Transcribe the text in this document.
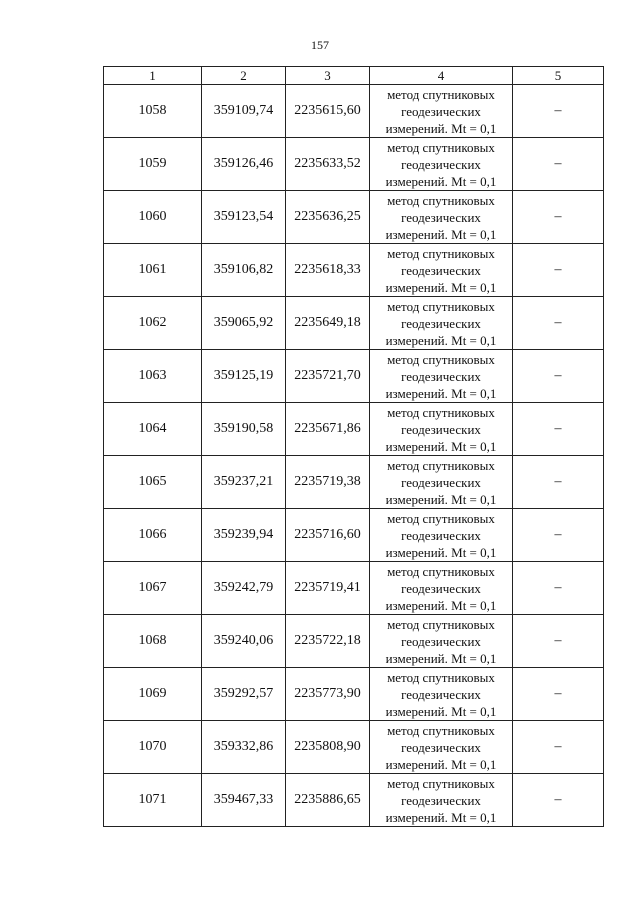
157
1	2	3	4	5
1058	359109,74	2235615,60	метод спутниковых
геодезических
измерений. Mt = 0,1	–
1059	359126,46	2235633,52	метод спутниковых
геодезических
измерений. Mt = 0,1	–
1060	359123,54	2235636,25	метод спутниковых
геодезических
измерений. Mt = 0,1	–
1061	359106,82	2235618,33	метод спутниковых
геодезических
измерений. Mt = 0,1	–
1062	359065,92	2235649,18	метод спутниковых
геодезических
измерений. Mt = 0,1	–
1063	359125,19	2235721,70	метод спутниковых
геодезических
измерений. Mt = 0,1	–
1064	359190,58	2235671,86	метод спутниковых
геодезических
измерений. Mt = 0,1	–
1065	359237,21	2235719,38	метод спутниковых
геодезических
измерений. Mt = 0,1	–
1066	359239,94	2235716,60	метод спутниковых
геодезических
измерений. Mt = 0,1	–
1067	359242,79	2235719,41	метод спутниковых
геодезических
измерений. Mt = 0,1	–
1068	359240,06	2235722,18	метод спутниковых
геодезических
измерений. Mt = 0,1	–
1069	359292,57	2235773,90	метод спутниковых
геодезических
измерений. Mt = 0,1	–
1070	359332,86	2235808,90	метод спутниковых
геодезических
измерений. Mt = 0,1	–
1071	359467,33	2235886,65	метод спутниковых
геодезических
измерений. Mt = 0,1	–
